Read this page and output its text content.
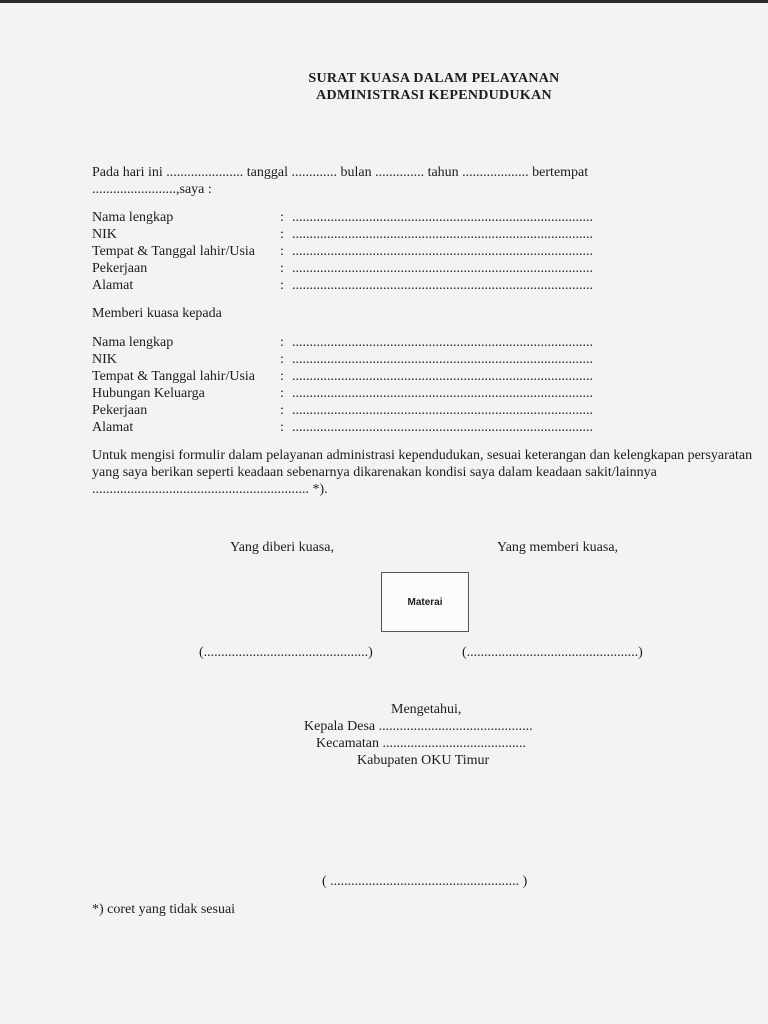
SURAT KUASA DALAM PELAYANAN
ADMINISTRASI KEPENDUDUKAN
Pada hari ini ...................... tanggal ............. bulan .............. tahun ................... bertempat
........................,saya :
Nama lengkap	: ......................................................................................
NIK	: ......................................................................................
Tempat & Tanggal lahir/Usia : ......................................................................................
Pekerjaan	: ......................................................................................
Alamat	: ......................................................................................
Memberi kuasa kepada
Nama lengkap	: ......................................................................................
NIK	: ......................................................................................
Tempat & Tanggal lahir/Usia : ......................................................................................
Hubungan Keluarga	: ......................................................................................
Pekerjaan	: ......................................................................................
Alamat	: ......................................................................................
Untuk mengisi formulir dalam pelayanan administrasi kependudukan, sesuai keterangan dan kelengkapan persyaratan yang saya berikan seperti keadaan sebenarnya dikarenakan kondisi saya dalam keadaan sakit/lainnya .............................................................. *).
Yang diberi kuasa,	Yang memberi kuasa,
Materai
(...............................................)	(.................................................)
Mengetahui,
Kepala Desa ............................................
Kecamatan .........................................
Kabupaten OKU Timur
( ...................................................... )
*) coret yang tidak sesuai
